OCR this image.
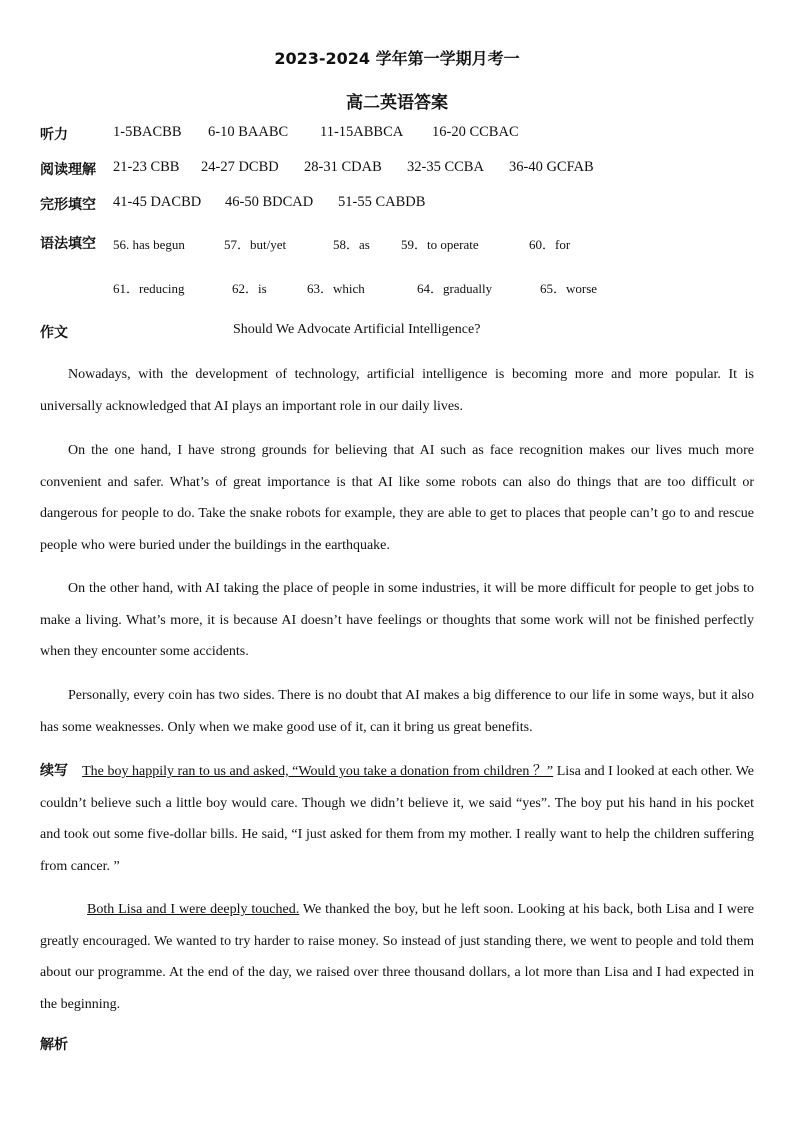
2023-2024 学年第一学期月考一
高二英语答案
听力	1-5BACBB 6-10 BAABC 11-15ABBCA 16-20 CCBAC
阅读理解 21-23 CBB 24-27 DCBD 28-31 CDAB 32-35 CCBA 36-40 GCFAB
完形填空 41-45 DACBD 46-50 BDCAD 51-55 CABDB
语法填空 56. has begun	57．but/yet	58．as 59．to operate	60．for
61．reducing	62．is	63．which	64．gradually	65．worse
作文	Should We Advocate Artificial Intelligence?
Nowadays, with the development of technology, artificial intelligence is becoming more and more popular. It is universally acknowledged that AI plays an important role in our daily lives.
On the one hand, I have strong grounds for believing that AI such as face recognition makes our lives much more convenient and safer. What’s of great importance is that AI like some robots can also do things that are too difficult or dangerous for people to do. Take the snake robots for example, they are able to get to places that people can’t go to and rescue people who were buried under the buildings in the earthquake.
On the other hand, with AI taking the place of people in some industries, it will be more difficult for people to get jobs to make a living. What’s more, it is because AI doesn’t have feelings or thoughts that some work will not be finished perfectly when they encounter some accidents.
Personally, every coin has two sides. There is no doubt that AI makes a big difference to our life in some ways, but it also has some weaknesses. Only when we make good use of it, can it bring us great benefits.
续写 The boy happily ran to us and asked, “Would you take a donation from children ？” Lisa and I looked at each other. We couldn’t believe such a little boy would care. Though we didn’t believe it, we said “yes”. The boy put his hand in his pocket and took out some five-dollar bills. He said, “I just asked for them from my mother. I really want to help the children suffering from cancer. ”
Both Lisa and I were deeply touched. We thanked the boy, but he left soon. Looking at his back, both Lisa and I were greatly encouraged. We wanted to try harder to raise money. So instead of just standing there, we went to people and told them about our programme. At the end of the day, we raised over three thousand dollars, a lot more than Lisa and I had expected in the beginning.
解析
